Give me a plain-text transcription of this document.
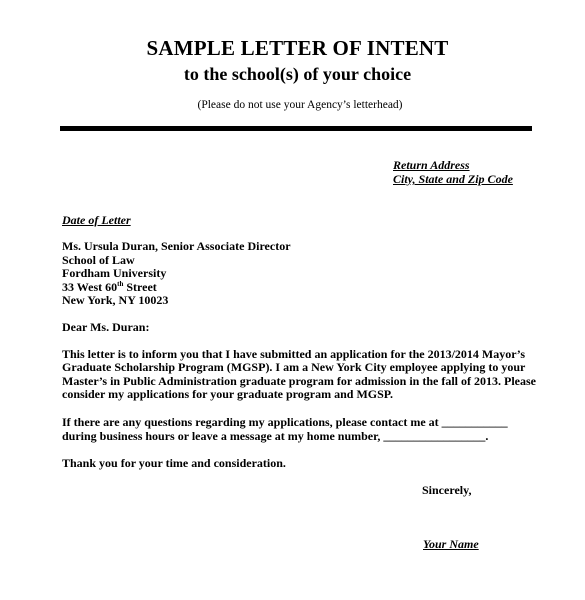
SAMPLE LETTER OF INTENT
to the school(s) of your choice
(Please do not use your Agency’s letterhead)
Return Address
City, State and Zip Code
Date of Letter
Ms. Ursula Duran, Senior Associate Director
School of Law
Fordham University
33 West 60th Street
New York, NY 10023
Dear Ms. Duran:
This letter is to inform you that I have submitted an application for the 2013/2014 Mayor’s
Graduate Scholarship Program (MGSP). I am a New York City employee applying to your
Master’s in Public Administration graduate program for admission in the fall of 2013. Please
consider my applications for your graduate program and MGSP.
If there are any questions regarding my applications, please contact me at ___________
during business hours or leave a message at my home number, _________________.
Thank you for your time and consideration.
Sincerely,
Your Name
